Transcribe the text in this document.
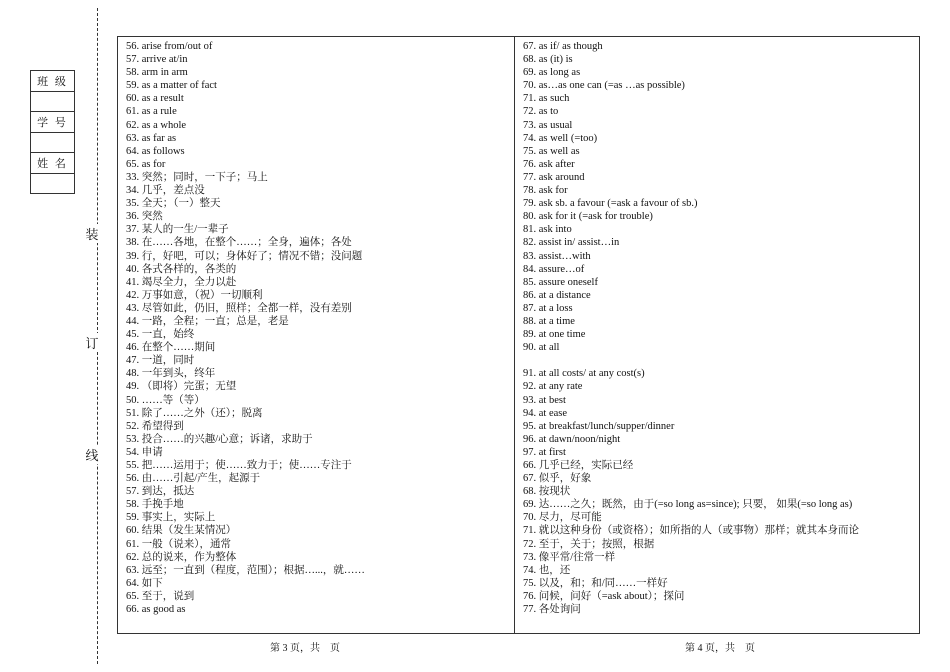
装
订
线
班 级

学 号

姓 名

56. arise from/out of
57. arrive at/in
58. arm in arm
59. as a matter of fact
60. as a result
61. as a rule
62. as a whole
63. as far as
64. as follows
65. as for
33. 突然；同时，一下子；马上
34. 几乎，差点没
35. 全天；（一）整天
36. 突然
37. 某人的一生/一辈子
38. 在……各地，在整个……；全身，遍体；各处
39. 行，好吧，可以；身体好了；情况不错；没问题
40. 各式各样的，各类的
41. 竭尽全力，全力以赴
42. 万事如意，（祝）一切顺利
43. 尽管如此，仍旧，照样；全都一样，没有差别
44. 一路，全程；一直；总是，老是
45. 一直，始终
46. 在整个……期间
47. 一道，同时
48. 一年到头，终年
49. （即将）完蛋；无望
50. ……等（等）
51. 除了……之外（还）；脱离
52. 希望得到
53. 投合……的兴趣/心意；诉诸，求助于
54. 申请
55. 把……运用于；使……致力于；使……专注于
56. 由……引起/产生，起源于
57. 到达，抵达
58. 手挽手地
59. 事实上，实际上
60. 结果（发生某情况）
61. 一般（说来），通常
62. 总的说来，作为整体
63. 远至；一直到（程度，范围）；根据…...，就……
64. 如下
65. 至于，说到
66. as good as
67. as if/ as though
68. as (it) is
69. as long as
70. as…as one can (=as …as possible)
71. as such
72. as to
73. as usual
74. as well (=too)
75. as well as
76. ask after
77. ask around
78. ask for
79. ask sb. a favour (=ask a favour of sb.)
80. ask for it (=ask for trouble)
81. ask into
82. assist in/ assist…in
83. assist…with
84. assure…of
85. assure oneself
86. at a distance
87. at a loss
88. at a time
89. at one time
90. at all
91. at all costs/ at any cost(s)
92. at any rate
93. at best
94. at ease
95. at breakfast/lunch/supper/dinner
96. at dawn/noon/night
97. at first
66. 几乎已经，实际已经
67. 似乎，好象
68. 按现状
69. 达……之久；既然，由于(=so long as=since); 只要， 如果(=so long as)
70. 尽力，尽可能
71. 就以这种身份（或资格）；如所指的人（或事物）那样；就其本身而论
72. 至于，关于；按照，根据
73. 像平常/往常一样
74. 也，还
75. 以及，和；和/同……一样好
76. 问候，问好（=ask about）；探问
77. 各处询问
第 3 页，共　页	第 4 页，共　页
